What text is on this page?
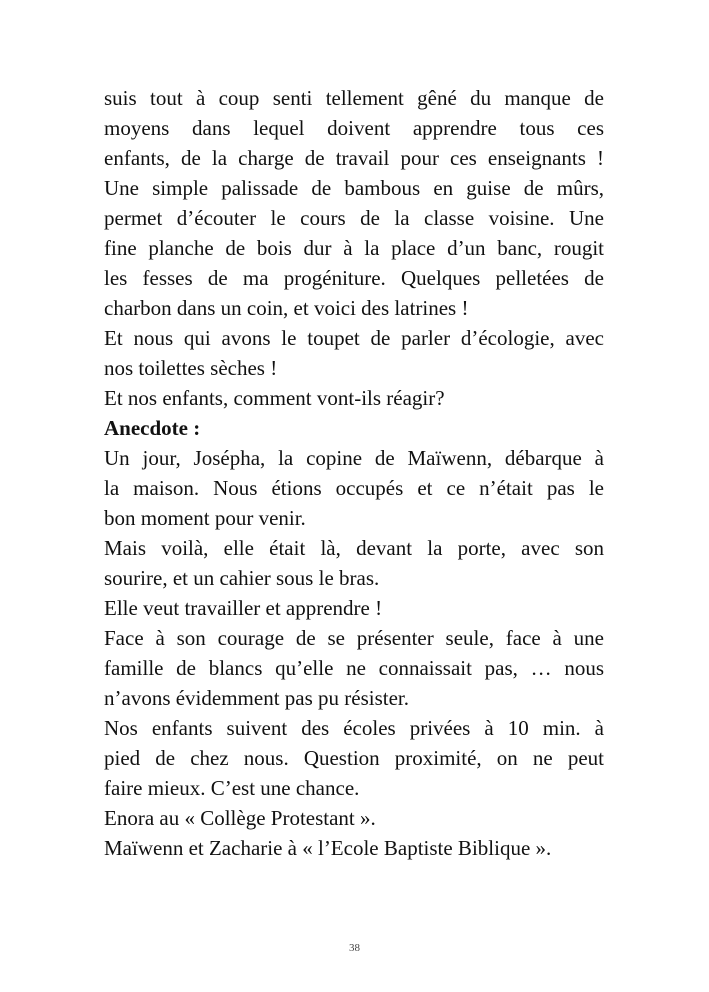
suis tout à coup senti tellement gêné du manque de
moyens dans lequel doivent apprendre tous ces
enfants, de la charge de travail pour ces enseignants !
Une simple palissade de bambous en guise de mûrs,
permet d’écouter le cours de la classe voisine. Une
fine planche de bois dur à la place d’un banc, rougit
les fesses de ma progéniture. Quelques pelletées de
charbon dans un coin, et voici des latrines !
Et nous qui avons le toupet de parler d’écologie, avec
nos toilettes sèches !
Et nos enfants, comment vont-ils réagir?
Anecdote :
Un jour, Josépha, la copine de Maïwenn, débarque à
la maison. Nous étions occupés et ce n’était pas le
bon moment pour venir.
Mais voilà, elle était là, devant la porte, avec son
sourire, et un cahier sous le bras.
Elle veut travailler et apprendre !
Face à son courage de se présenter seule, face à une
famille de blancs qu’elle ne connaissait pas, … nous
n’avons évidemment pas pu résister.
Nos enfants suivent des écoles privées à 10 min. à
pied de chez nous. Question proximité, on ne peut
faire mieux. C’est une chance.
Enora au « Collège Protestant ».
Maïwenn et Zacharie à « l’Ecole Baptiste Biblique ».
38
